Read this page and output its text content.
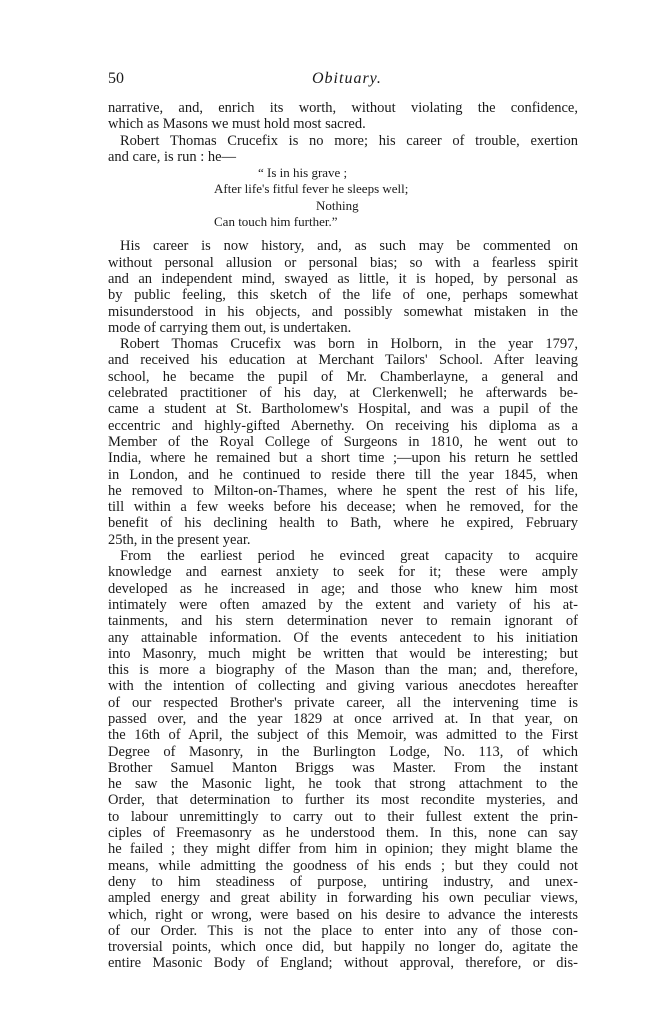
50	Obituary.
narrative, and, enrich its worth, without violating the confidence,
which as Masons we must hold most sacred.
Robert Thomas Crucefix is no more; his career of trouble, exertion
and care, is run : he—
“ Is in his grave ;
After life's fitful fever he sleeps well;
Nothing
Can touch him further.”
His career is now history, and, as such may be commented on
without personal allusion or personal bias; so with a fearless spirit
and an independent mind, swayed as little, it is hoped, by personal as
by public feeling, this sketch of the life of one, perhaps somewhat
misunderstood in his objects, and possibly somewhat mistaken in the
mode of carrying them out, is undertaken.
Robert Thomas Crucefix was born in Holborn, in the year 1797,
and received his education at Merchant Tailors' School. After leaving
school, he became the pupil of Mr. Chamberlayne, a general and
celebrated practitioner of his day, at Clerkenwell; he afterwards be-
came a student at St. Bartholomew's Hospital, and was a pupil of the
eccentric and highly-gifted Abernethy. On receiving his diploma as a
Member of the Royal College of Surgeons in 1810, he went out to
India, where he remained but a short time ;—upon his return he settled
in London, and he continued to reside there till the year 1845, when
he removed to Milton-on-Thames, where he spent the rest of his life,
till within a few weeks before his decease; when he removed, for the
benefit of his declining health to Bath, where he expired, February
25th, in the present year.
From the earliest period he evinced great capacity to acquire
knowledge and earnest anxiety to seek for it; these were amply
developed as he increased in age; and those who knew him most
intimately were often amazed by the extent and variety of his at-
tainments, and his stern determination never to remain ignorant of
any attainable information. Of the events antecedent to his initiation
into Masonry, much might be written that would be interesting; but
this is more a biography of the Mason than the man; and, therefore,
with the intention of collecting and giving various anecdotes hereafter
of our respected Brother's private career, all the intervening time is
passed over, and the year 1829 at once arrived at. In that year, on
the 16th of April, the subject of this Memoir, was admitted to the First
Degree of Masonry, in the Burlington Lodge, No. 113, of which
Brother Samuel Manton Briggs was Master. From the instant
he saw the Masonic light, he took that strong attachment to the
Order, that determination to further its most recondite mysteries, and
to labour unremittingly to carry out to their fullest extent the prin-
ciples of Freemasonry as he understood them. In this, none can say
he failed ; they might differ from him in opinion; they might blame the
means, while admitting the goodness of his ends ; but they could not
deny to him steadiness of purpose, untiring industry, and unex-
ampled energy and great ability in forwarding his own peculiar views,
which, right or wrong, were based on his desire to advance the interests
of our Order. This is not the place to enter into any of those con-
troversial points, which once did, but happily no longer do, agitate the
entire Masonic Body of England; without approval, therefore, or dis-
